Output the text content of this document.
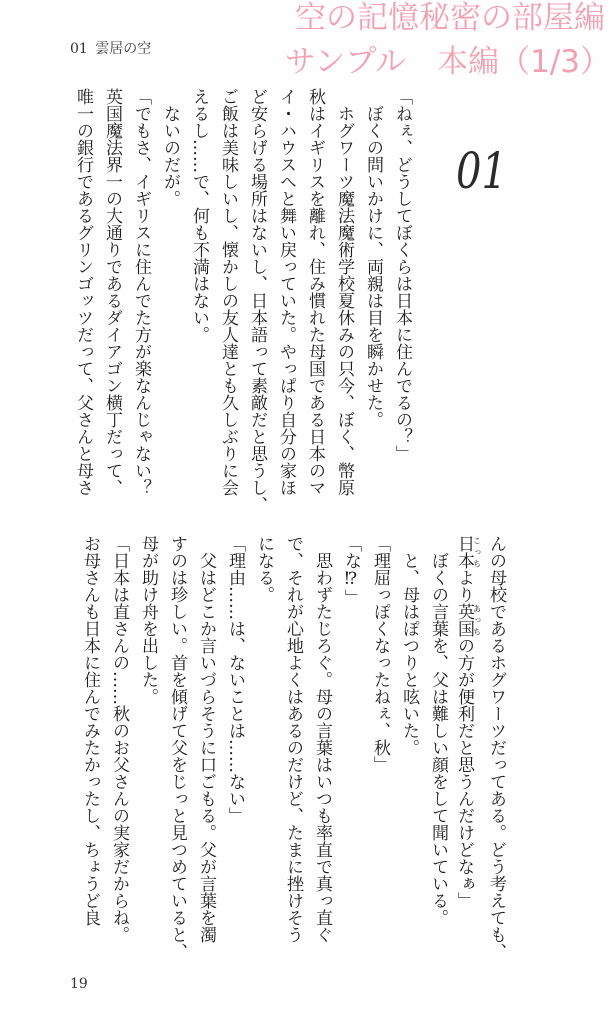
空の記憶秘密の部屋編
サンプル　本編（1/3）
01 雲居の空
01
「ねぇ、どうしてぼくらは日本に住んでるの？」
ぼくの問いかけに、両親は目を瞬かせた。
ホグワーツ魔法魔術学校夏休みの只今、ぼく、幣原
秋はイギリスを離れ、住み慣れた母国である日本のマ
イ・ハウスへと舞い戻っていた。やっぱり自分の家ほ
ど安らげる場所はないし、日本語って素敵だと思うし、
ご飯は美味しいし、懐かしの友人達とも久しぶりに会
えるし……で、何も不満はない。
ないのだが。
「でもさ、イギリスに住んでた方が楽なんじゃない？
英国魔法界一の大通りであるダイアゴン横丁だって、
唯一の銀行であるグリンゴッツだって、父さんと母さ
んの母校であるホグワーツだってある。どう考えても、
日本こっちより英国あっちの方が便利だと思うんだけどなぁ」
ぼくの言葉を、父は難しい顔をして聞いている。
と、母はぽつりと呟いた。
「理屈っぽくなったねぇ、秋」
「な⁉」
思わずたじろぐ。母の言葉はいつも率直で真っ直ぐ
で、それが心地よくはあるのだけど、たまに挫けそう
になる。
「理由……は、ないことは……ない」
父はどこか言いづらそうに口ごもる。父が言葉を濁
すのは珍しい。首を傾げて父をじっと見つめていると、
母が助け舟を出した。
「日本は直さんの……秋のお父さんの実家だからね。
お母さんも日本に住んでみたかったし、ちょうど良
19
